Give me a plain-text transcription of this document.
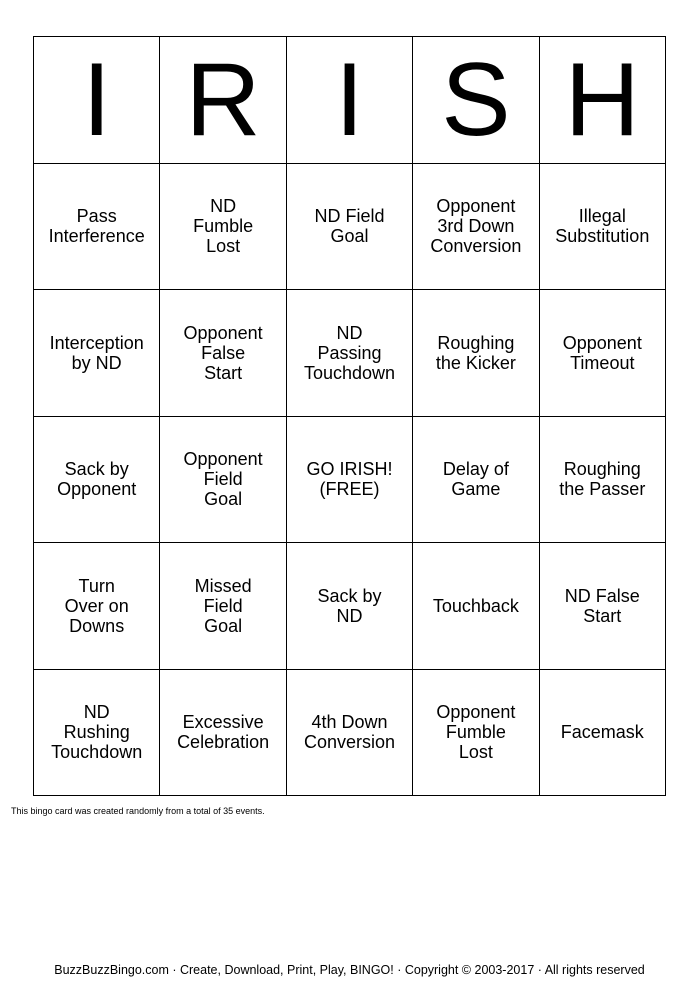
I R I S H
Pass
Interference
ND
Fumble
Lost
ND Field
Goal
Opponent
3rd Down
Conversion
Illegal
Substitution
Interception
by ND
Opponent
False
Start
ND
Passing
Touchdown
Roughing
the Kicker
Opponent
Timeout
Sack by
Opponent
Opponent
Field
Goal
GO IRISH!
(FREE)
Delay of
Game
Roughing
the Passer
Turn
Over on
Downs
Missed
Field
Goal
Sack by
ND	Touchback	ND False
Start
ND
Rushing
Touchdown
Excessive
Celebration
4th Down
Conversion
Opponent
Fumble
Lost
Facemask
This bingo card was created randomly from a total of 35 events.
BuzzBuzzBingo.com · Create, Download, Print, Play, BINGO! · Copyright © 2003-2017 · All rights reserved
